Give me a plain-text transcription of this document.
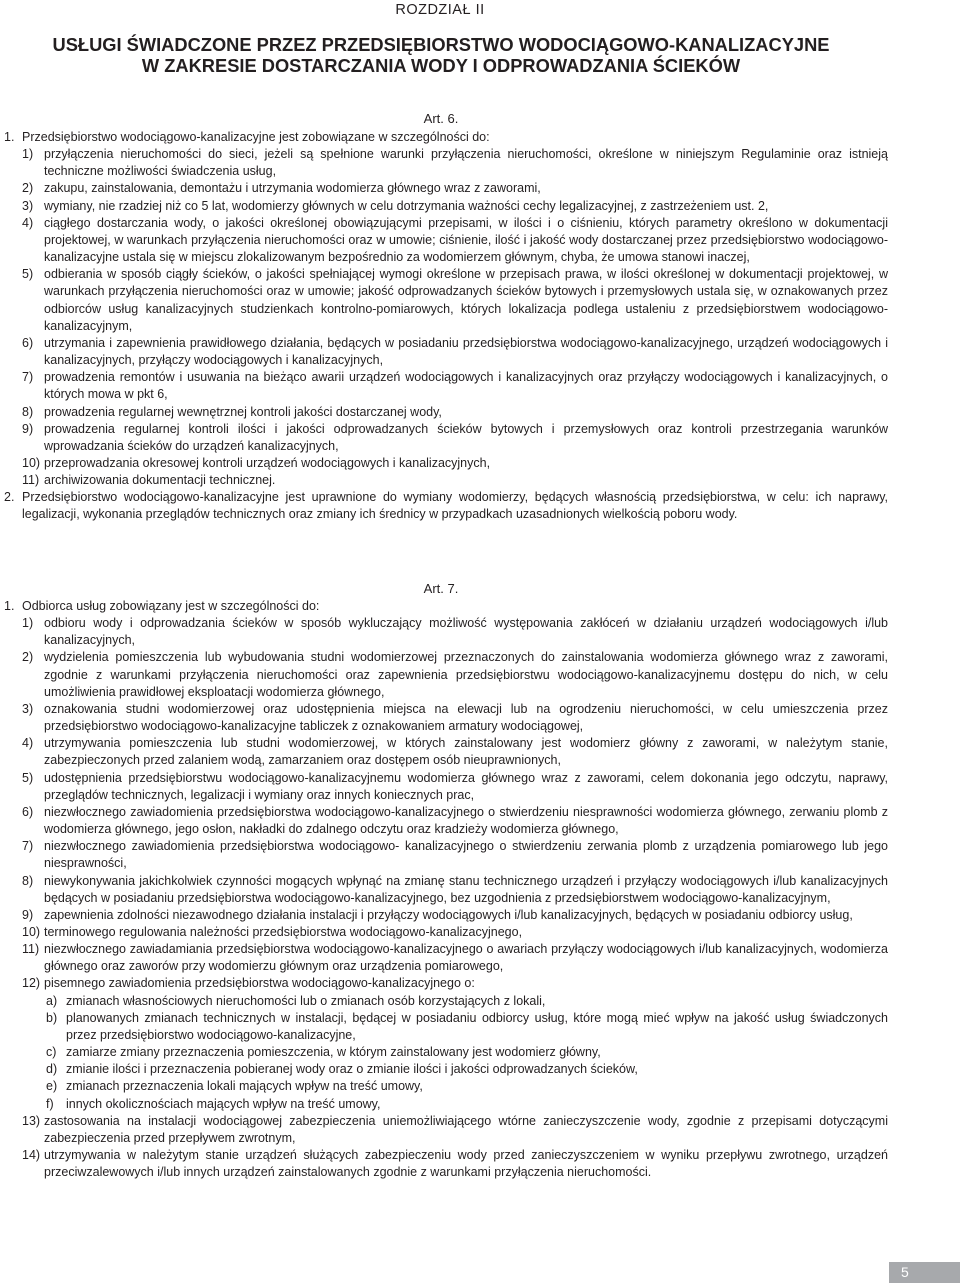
ROZDZIAŁ II
USŁUGI ŚWIADCZONE PRZEZ PRZEDSIĘBIORSTWO WODOCIĄGOWO-KANALIZACYJNE
W ZAKRESIE DOSTARCZANIA WODY I ODPROWADZANIA ŚCIEKÓW
Art. 6.
1. Przedsiębiorstwo wodociągowo-kanalizacyjne jest zobowiązane w szczególności do:
1) przyłączenia nieruchomości do sieci, jeżeli są spełnione warunki przyłączenia nieruchomości, określone w niniejszym Regulaminie oraz istnieją techniczne możliwości świadczenia usług,
2) zakupu, zainstalowania, demontażu i utrzymania wodomierza głównego wraz z zaworami,
3) wymiany, nie rzadziej niż co 5 lat, wodomierzy głównych w celu dotrzymania ważności cechy legalizacyjnej, z zastrzeżeniem ust. 2,
4) ciągłego dostarczania wody, o jakości określonej obowiązującymi przepisami, w ilości i o ciśnieniu, których parametry określono w dokumentacji projektowej, w warunkach przyłączenia nieruchomości oraz w umowie; ciśnienie, ilość i jakość wody dostarczanej przez przedsiębiorstwo wodociągowo-kanalizacyjne ustala się w miejscu zlokalizowanym bezpośrednio za wodomierzem głównym, chyba, że umowa stanowi inaczej,
5) odbierania w sposób ciągły ścieków, o jakości spełniającej wymogi określone w przepisach prawa, w ilości określonej w dokumentacji projektowej, w warunkach przyłączenia nieruchomości oraz w umowie; jakość odprowadzanych ścieków bytowych i przemysłowych ustala się, w oznakowanych przez odbiorców usług kanalizacyjnych studzienkach kontrolno-pomiarowych, których lokalizacja podlega ustaleniu z przedsiębiorstwem wodociągowo-kanalizacyjnym,
6) utrzymania i zapewnienia prawidłowego działania, będących w posiadaniu przedsiębiorstwa wodociągowo-kanalizacyjnego, urządzeń wodociągowych i kanalizacyjnych, przyłączy wodociągowych i kanalizacyjnych,
7) prowadzenia remontów i usuwania na bieżąco awarii urządzeń wodociągowych i kanalizacyjnych oraz przyłączy wodociągowych i kanalizacyjnych, o których mowa w pkt 6,
8) prowadzenia regularnej wewnętrznej kontroli jakości dostarczanej wody,
9) prowadzenia regularnej kontroli ilości i jakości odprowadzanych ścieków bytowych i przemysłowych oraz kontroli przestrzegania warunków wprowadzania ścieków do urządzeń kanalizacyjnych,
10) przeprowadzania okresowej kontroli urządzeń wodociągowych i kanalizacyjnych,
11) archiwizowania dokumentacji technicznej.
2. Przedsiębiorstwo wodociągowo-kanalizacyjne jest uprawnione do wymiany wodomierzy, będących własnością przedsiębiorstwa, w celu: ich naprawy, legalizacji, wykonania przeglądów technicznych oraz zmiany ich średnicy w przypadkach uzasadnionych wielkością poboru wody.
Art. 7.
1. Odbiorca usług zobowiązany jest w szczególności do:
1) odbioru wody i odprowadzania ścieków w sposób wykluczający możliwość występowania zakłóceń w działaniu urządzeń wodociągowych i/lub kanalizacyjnych,
2) wydzielenia pomieszczenia lub wybudowania studni wodomierzowej przeznaczonych do zainstalowania wodomierza głównego wraz z zaworami, zgodnie z warunkami przyłączenia nieruchomości oraz zapewnienia przedsiębiorstwu wodociągowo-kanalizacyjnemu dostępu do nich, w celu umożliwienia prawidłowej eksploatacji wodomierza głównego,
3) oznakowania studni wodomierzowej oraz udostępnienia miejsca na elewacji lub na ogrodzeniu nieruchomości, w celu umieszczenia przez przedsiębiorstwo wodociągowo-kanalizacyjne tabliczek z oznakowaniem armatury wodociągowej,
4) utrzymywania pomieszczenia lub studni wodomierzowej, w których zainstalowany jest wodomierz główny z zaworami, w należytym stanie, zabezpieczonych przed zalaniem wodą, zamarzaniem oraz dostępem osób nieuprawnionych,
5) udostępnienia przedsiębiorstwu wodociągowo-kanalizacyjnemu wodomierza głównego wraz z zaworami, celem dokonania jego odczytu, naprawy, przeglądów technicznych, legalizacji i wymiany oraz innych koniecznych prac,
6) niezwłocznego zawiadomienia przedsiębiorstwa wodociągowo-kanalizacyjnego o stwierdzeniu niesprawności wodomierza głównego, zerwaniu plomb z wodomierza głównego, jego osłon, nakładki do zdalnego odczytu oraz kradzieży wodomierza głównego,
7) niezwłocznego zawiadomienia przedsiębiorstwa wodociągowo- kanalizacyjnego o stwierdzeniu zerwania plomb z urządzenia pomiarowego lub jego niesprawności,
8) niewykonywania jakichkolwiek czynności mogących wpłynąć na zmianę stanu technicznego urządzeń i przyłączy wodociągowych i/lub kanalizacyjnych będących w posiadaniu przedsiębiorstwa wodociągowo-kanalizacyjnego, bez uzgodnienia z przedsiębiorstwem wodociągowo-kanalizacyjnym,
9) zapewnienia zdolności niezawodnego działania instalacji i przyłączy wodociągowych i/lub kanalizacyjnych, będących w posiadaniu odbiorcy usług,
10) terminowego regulowania należności przedsiębiorstwa wodociągowo-kanalizacyjnego,
11) niezwłocznego zawiadamiania przedsiębiorstwa wodociągowo-kanalizacyjnego o awariach przyłączy wodociągowych i/lub kanalizacyjnych, wodomierza głównego oraz zaworów przy wodomierzu głównym oraz urządzenia pomiarowego,
12) pisemnego zawiadomienia przedsiębiorstwa wodociągowo-kanalizacyjnego o:
a) zmianach własnościowych nieruchomości lub o zmianach osób korzystających z lokali,
b) planowanych zmianach technicznych w instalacji, będącej w posiadaniu odbiorcy usług, które mogą mieć wpływ na jakość usług świadczonych przez przedsiębiorstwo wodociągowo-kanalizacyjne,
c) zamiarze zmiany przeznaczenia pomieszczenia, w którym zainstalowany jest wodomierz główny,
d) zmianie ilości i przeznaczenia pobieranej wody oraz o zmianie ilości i jakości odprowadzanych ścieków,
e) zmianach przeznaczenia lokali mających wpływ na treść umowy,
f) innych okolicznościach mających wpływ na treść umowy,
13) zastosowania na instalacji wodociągowej zabezpieczenia uniemożliwiającego wtórne zanieczyszczenie wody, zgodnie z przepisami dotyczącymi zabezpieczenia przed przepływem zwrotnym,
14) utrzymywania w należytym stanie urządzeń służących zabezpieczeniu wody przed zanieczyszczeniem w wyniku przepływu zwrotnego, urządzeń przeciwzalewowych i/lub innych urządzeń zainstalowanych zgodnie z warunkami przyłączenia nieruchomości.
5
